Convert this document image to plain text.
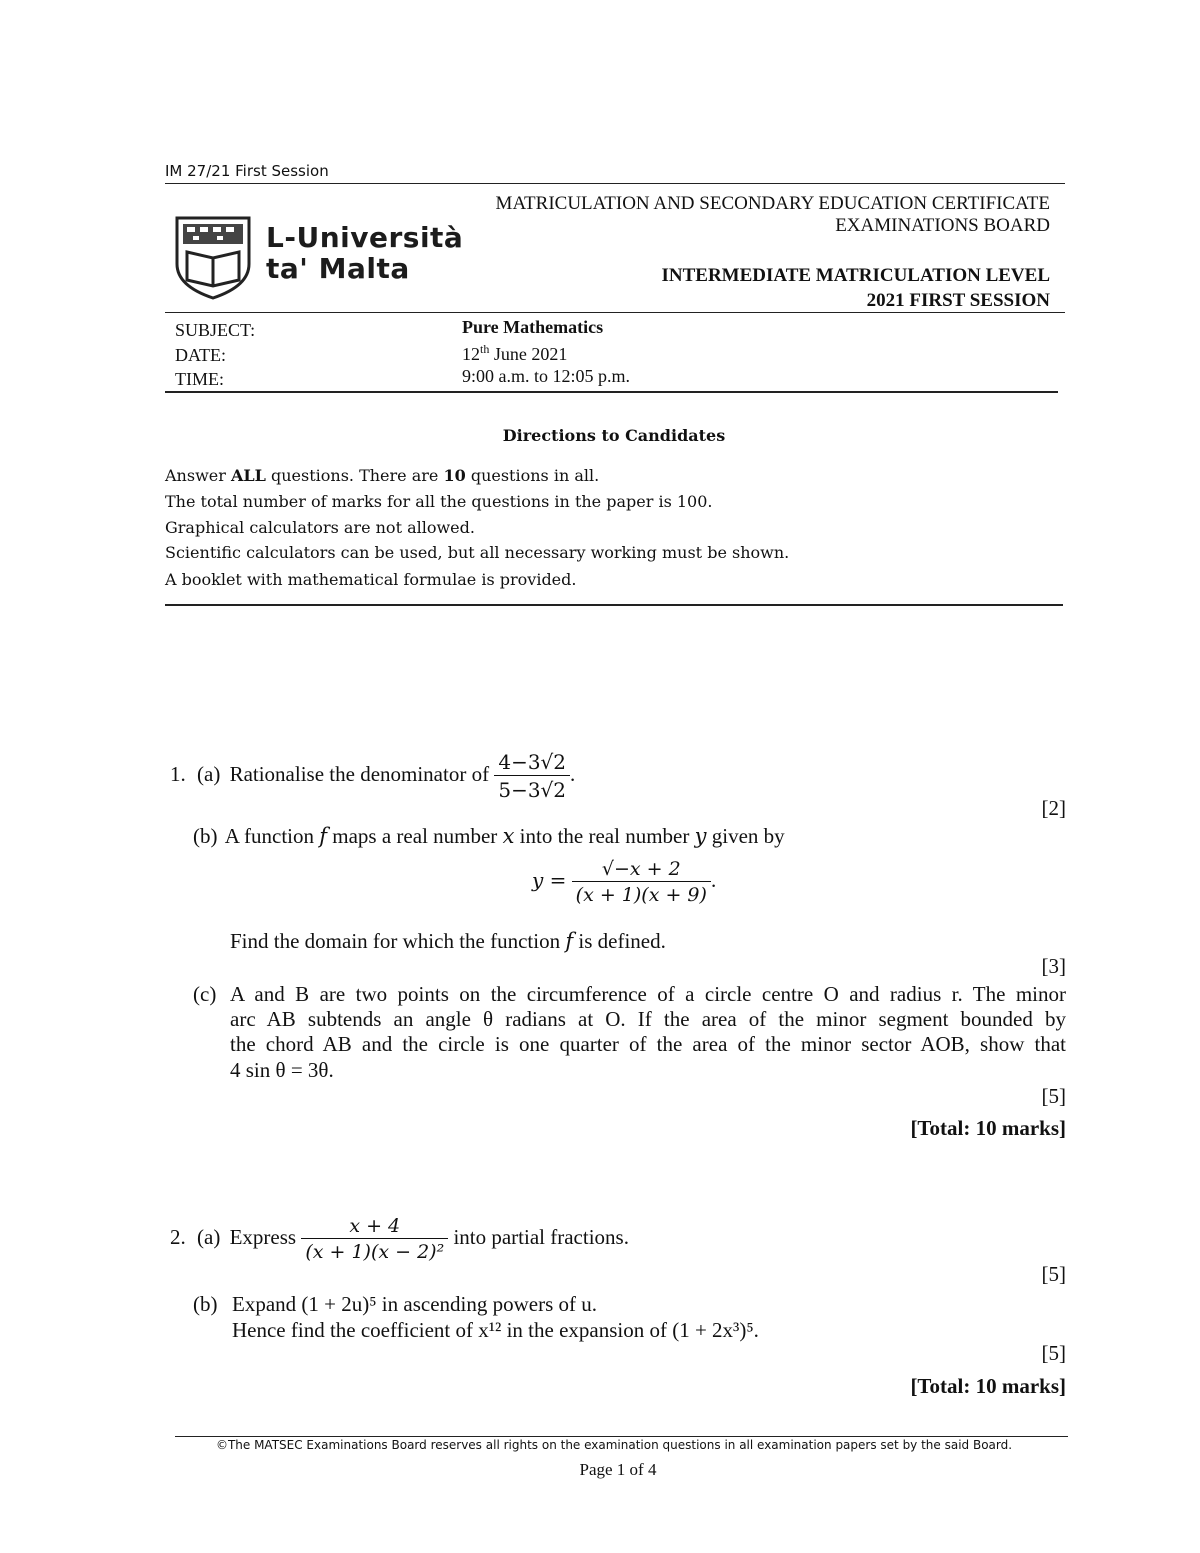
IM 27/21 First Session
L-Università
ta' Malta
MATRICULATION AND SECONDARY EDUCATION CERTIFICATE
EXAMINATIONS BOARD
INTERMEDIATE MATRICULATION LEVEL
2021 FIRST SESSION
SUBJECT:	Pure Mathematics
DATE:	12th June 2021
TIME:	9:00 a.m. to 12:05 p.m.
Directions to Candidates
Answer ALL questions. There are 10 questions in all.
The total number of marks for all the questions in the paper is 100.
Graphical calculators are not allowed.
Scientific calculators can be used, but all necessary working must be shown.
A booklet with mathematical formulae is provided.
1. (a) Rationalise the denominator of $\frac{4-3√2}{5-3√2}$ .
[2]
(b) A function f maps a real number x into the real number y given by
$y = \frac{√-x + 2}{(x + 1)(x + 9)}$ .
Find the domain for which the function f is defined.
[3]
(c) A and B are two points on the circumference of a circle centre O and radius r. The minor
arc AB subtends an angle θ radians at O. If the area of the minor segment bounded by
the chord AB and the circle is one quarter of the area of the minor sector AOB, show that
4 sin θ = 3θ.
[5]
[Total: 10 marks]
2. (a) Express $\frac{x + 4}{\text{(x + 1)(x − 2)²}}$ into partial fractions.
[5]
(b) Expand (1 + 2u)⁵ in ascending powers of u.
Hence find the coefficient of x¹² in the expansion of (1 + 2x³)⁵.
[5]
[Total: 10 marks]
©The MATSEC Examinations Board reserves all rights on the examination questions in all examination papers set by the said Board.
Page 1 of 4
